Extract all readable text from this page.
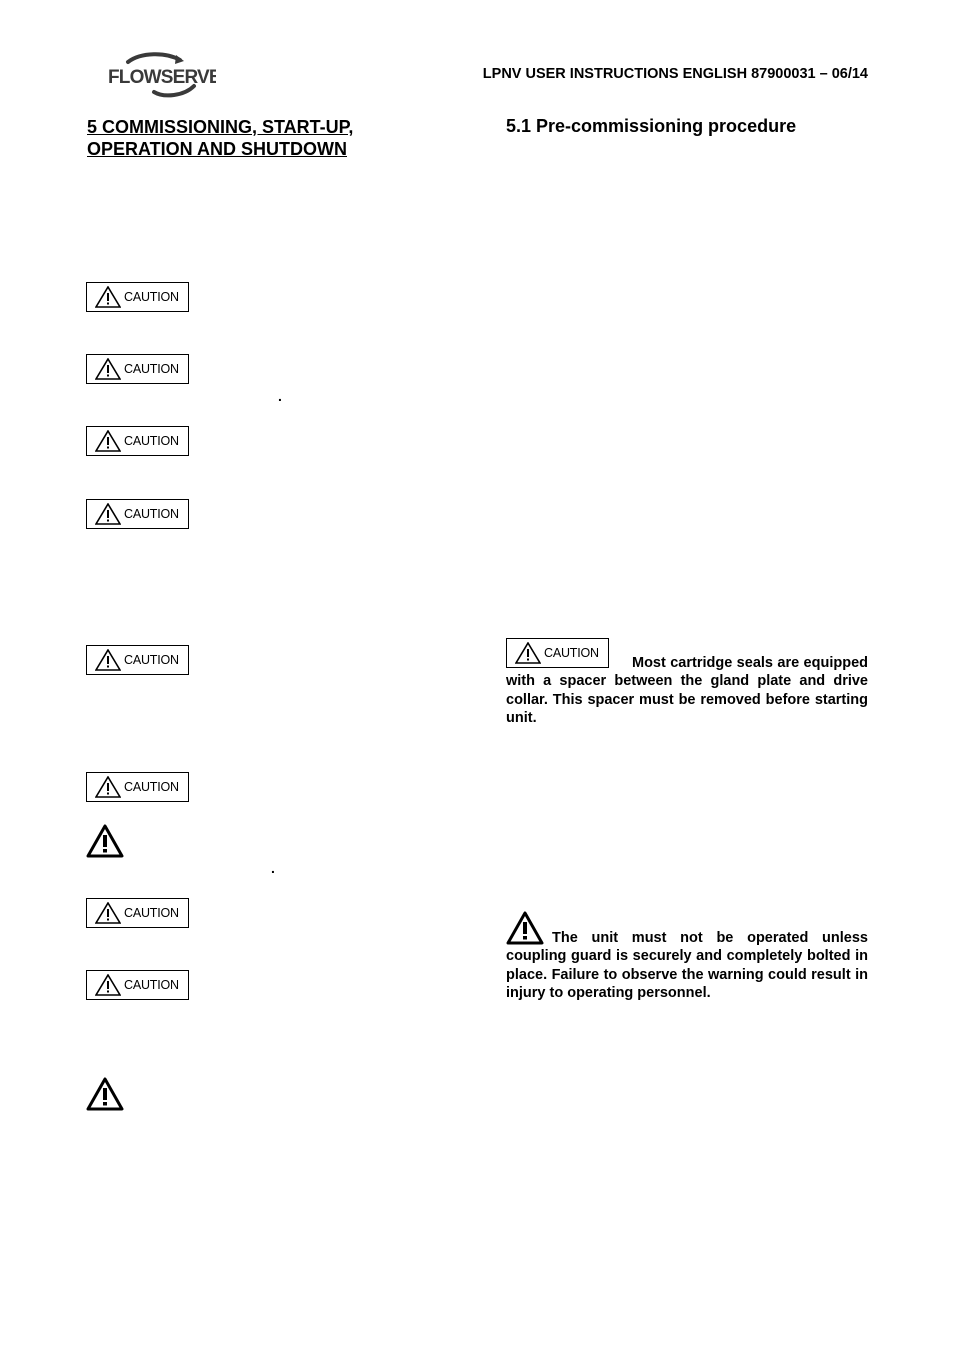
FLOWSERVE	LPNV USER INSTRUCTIONS ENGLISH 87900031 – 06/14
5 COMMISSIONING, START-UP,
OPERATION AND SHUTDOWN
5.1 Pre-commissioning procedure
CAUTION
CAUTION
.
CAUTION
CAUTION
CAUTION
CAUTION
.
CAUTION
CAUTION
CAUTION
Most cartridge seals are equipped with a spacer between the gland plate and drive collar. This spacer must be removed before starting unit.
The unit must not be operated unless coupling guard is securely and completely bolted in place. Failure to observe the warning could result in injury to operating personnel.
